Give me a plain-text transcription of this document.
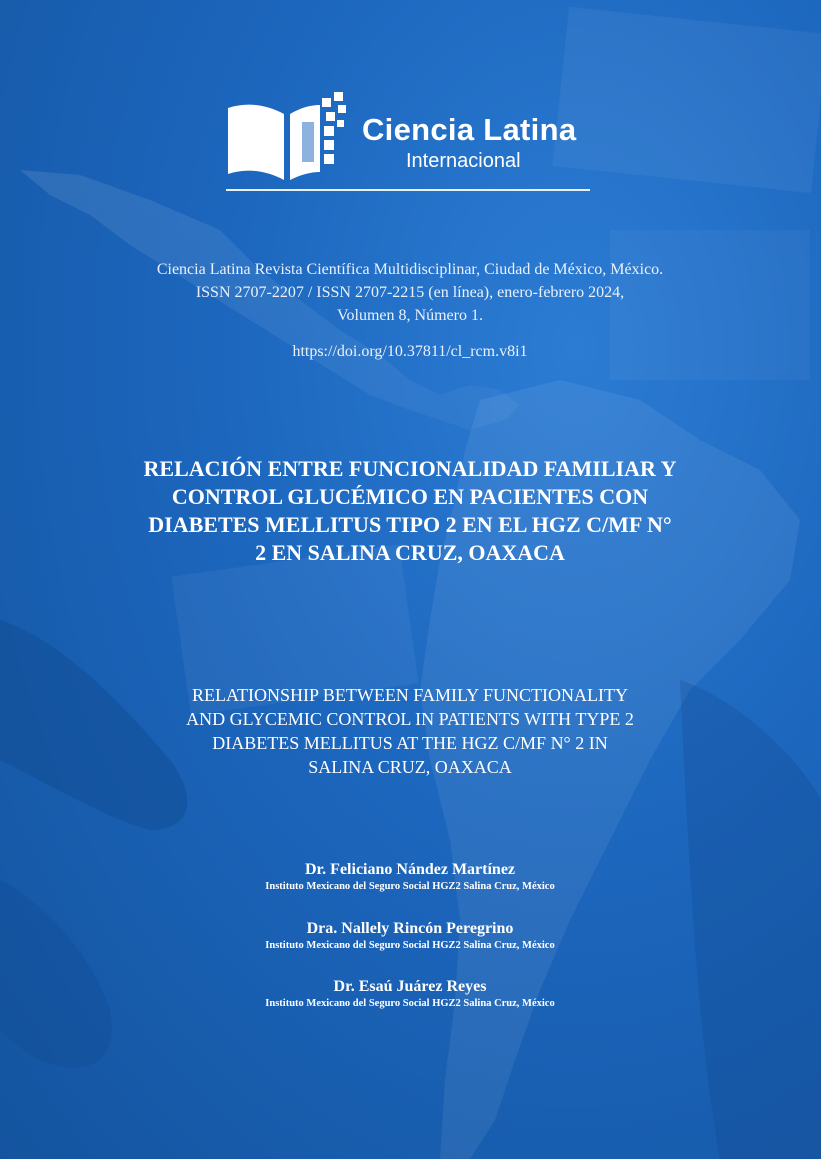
Ciencia Latina
Internacional
Ciencia Latina Revista Científica Multidisciplinar, Ciudad de México, México.
ISSN 2707-2207 / ISSN 2707-2215 (en línea), enero-febrero 2024,
Volumen 8, Número 1.
https://doi.org/10.37811/cl_rcm.v8i1
RELACIÓN ENTRE FUNCIONALIDAD FAMILIAR Y
CONTROL GLUCÉMICO EN PACIENTES CON
DIABETES MELLITUS TIPO 2 EN EL HGZ C/MF N°
2 EN SALINA CRUZ, OAXACA
RELATIONSHIP BETWEEN FAMILY FUNCTIONALITY
AND GLYCEMIC CONTROL IN PATIENTS WITH TYPE 2
DIABETES MELLITUS AT THE HGZ C/MF N° 2 IN
SALINA CRUZ, OAXACA
Dr. Feliciano Nández Martínez
Instituto Mexicano del Seguro Social HGZ2 Salina Cruz, México
Dra. Nallely Rincón Peregrino
Instituto Mexicano del Seguro Social HGZ2 Salina Cruz, México
Dr. Esaú Juárez Reyes
Instituto Mexicano del Seguro Social HGZ2 Salina Cruz, México
